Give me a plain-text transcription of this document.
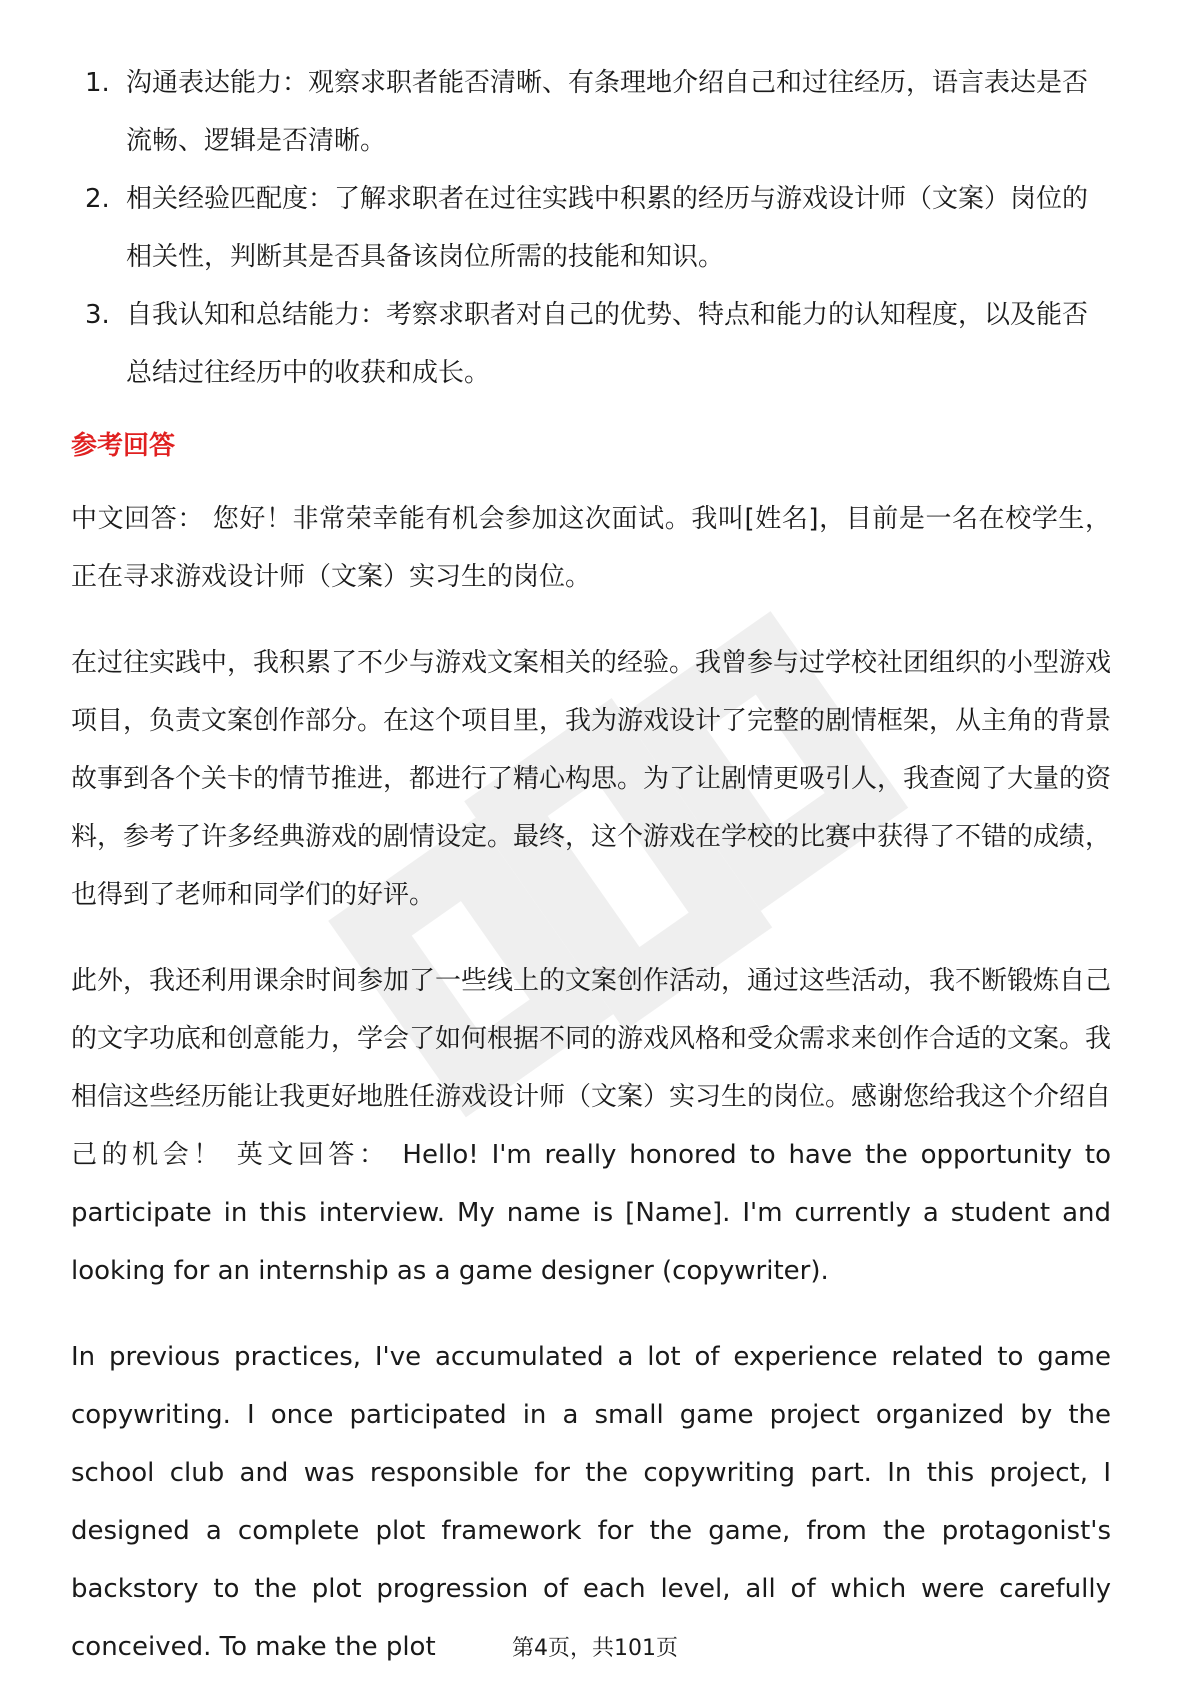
1. 沟通表达能力：观察求职者能否清晰、有条理地介绍自己和过往经历，语言表达是否流畅、逻辑是否清晰。
2. 相关经验匹配度：了解求职者在过往实践中积累的经历与游戏设计师（文案）岗位的相关性，判断其是否具备该岗位所需的技能和知识。
3. 自我认知和总结能力：考察求职者对自己的优势、特点和能力的认知程度，以及能否总结过往经历中的收获和成长。
参考回答

中文回答： 您好！非常荣幸能有机会参加这次面试。我叫[姓名]，目前是一名在校学生，正在寻求游戏设计师（文案）实习生的岗位。

在过往实践中，我积累了不少与游戏文案相关的经验。我曾参与过学校社团组织的小型游戏项目，负责文案创作部分。在这个项目里，我为游戏设计了完整的剧情框架，从主角的背景故事到各个关卡的情节推进，都进行了精心构思。为了让剧情更吸引人，我查阅了大量的资料，参考了许多经典游戏的剧情设定。最终，这个游戏在学校的比赛中获得了不错的成绩，也得到了老师和同学们的好评。

此外，我还利用课余时间参加了一些线上的文案创作活动，通过这些活动，我不断锻炼自己的文字功底和创意能力，学会了如何根据不同的游戏风格和受众需求来创作合适的文案。我相信这些经历能让我更好地胜任游戏设计师（文案）实习生的岗位。感谢您给我这个介绍自己的机会！ 英文回答： Hello! I'm really honored to have the opportunity to participate in this interview. My name is [Name]. I'm currently a student and looking for an internship as a game designer (copywriter).

In previous practices, I've accumulated a lot of experience related to game copywriting. I once participated in a small game project organized by the school club and was responsible for the copywriting part. In this project, I designed a complete plot framework for the game, from the protagonist's backstory to the plot progression of each level, all of which were carefully conceived. To make the plot	第4页，共101页
